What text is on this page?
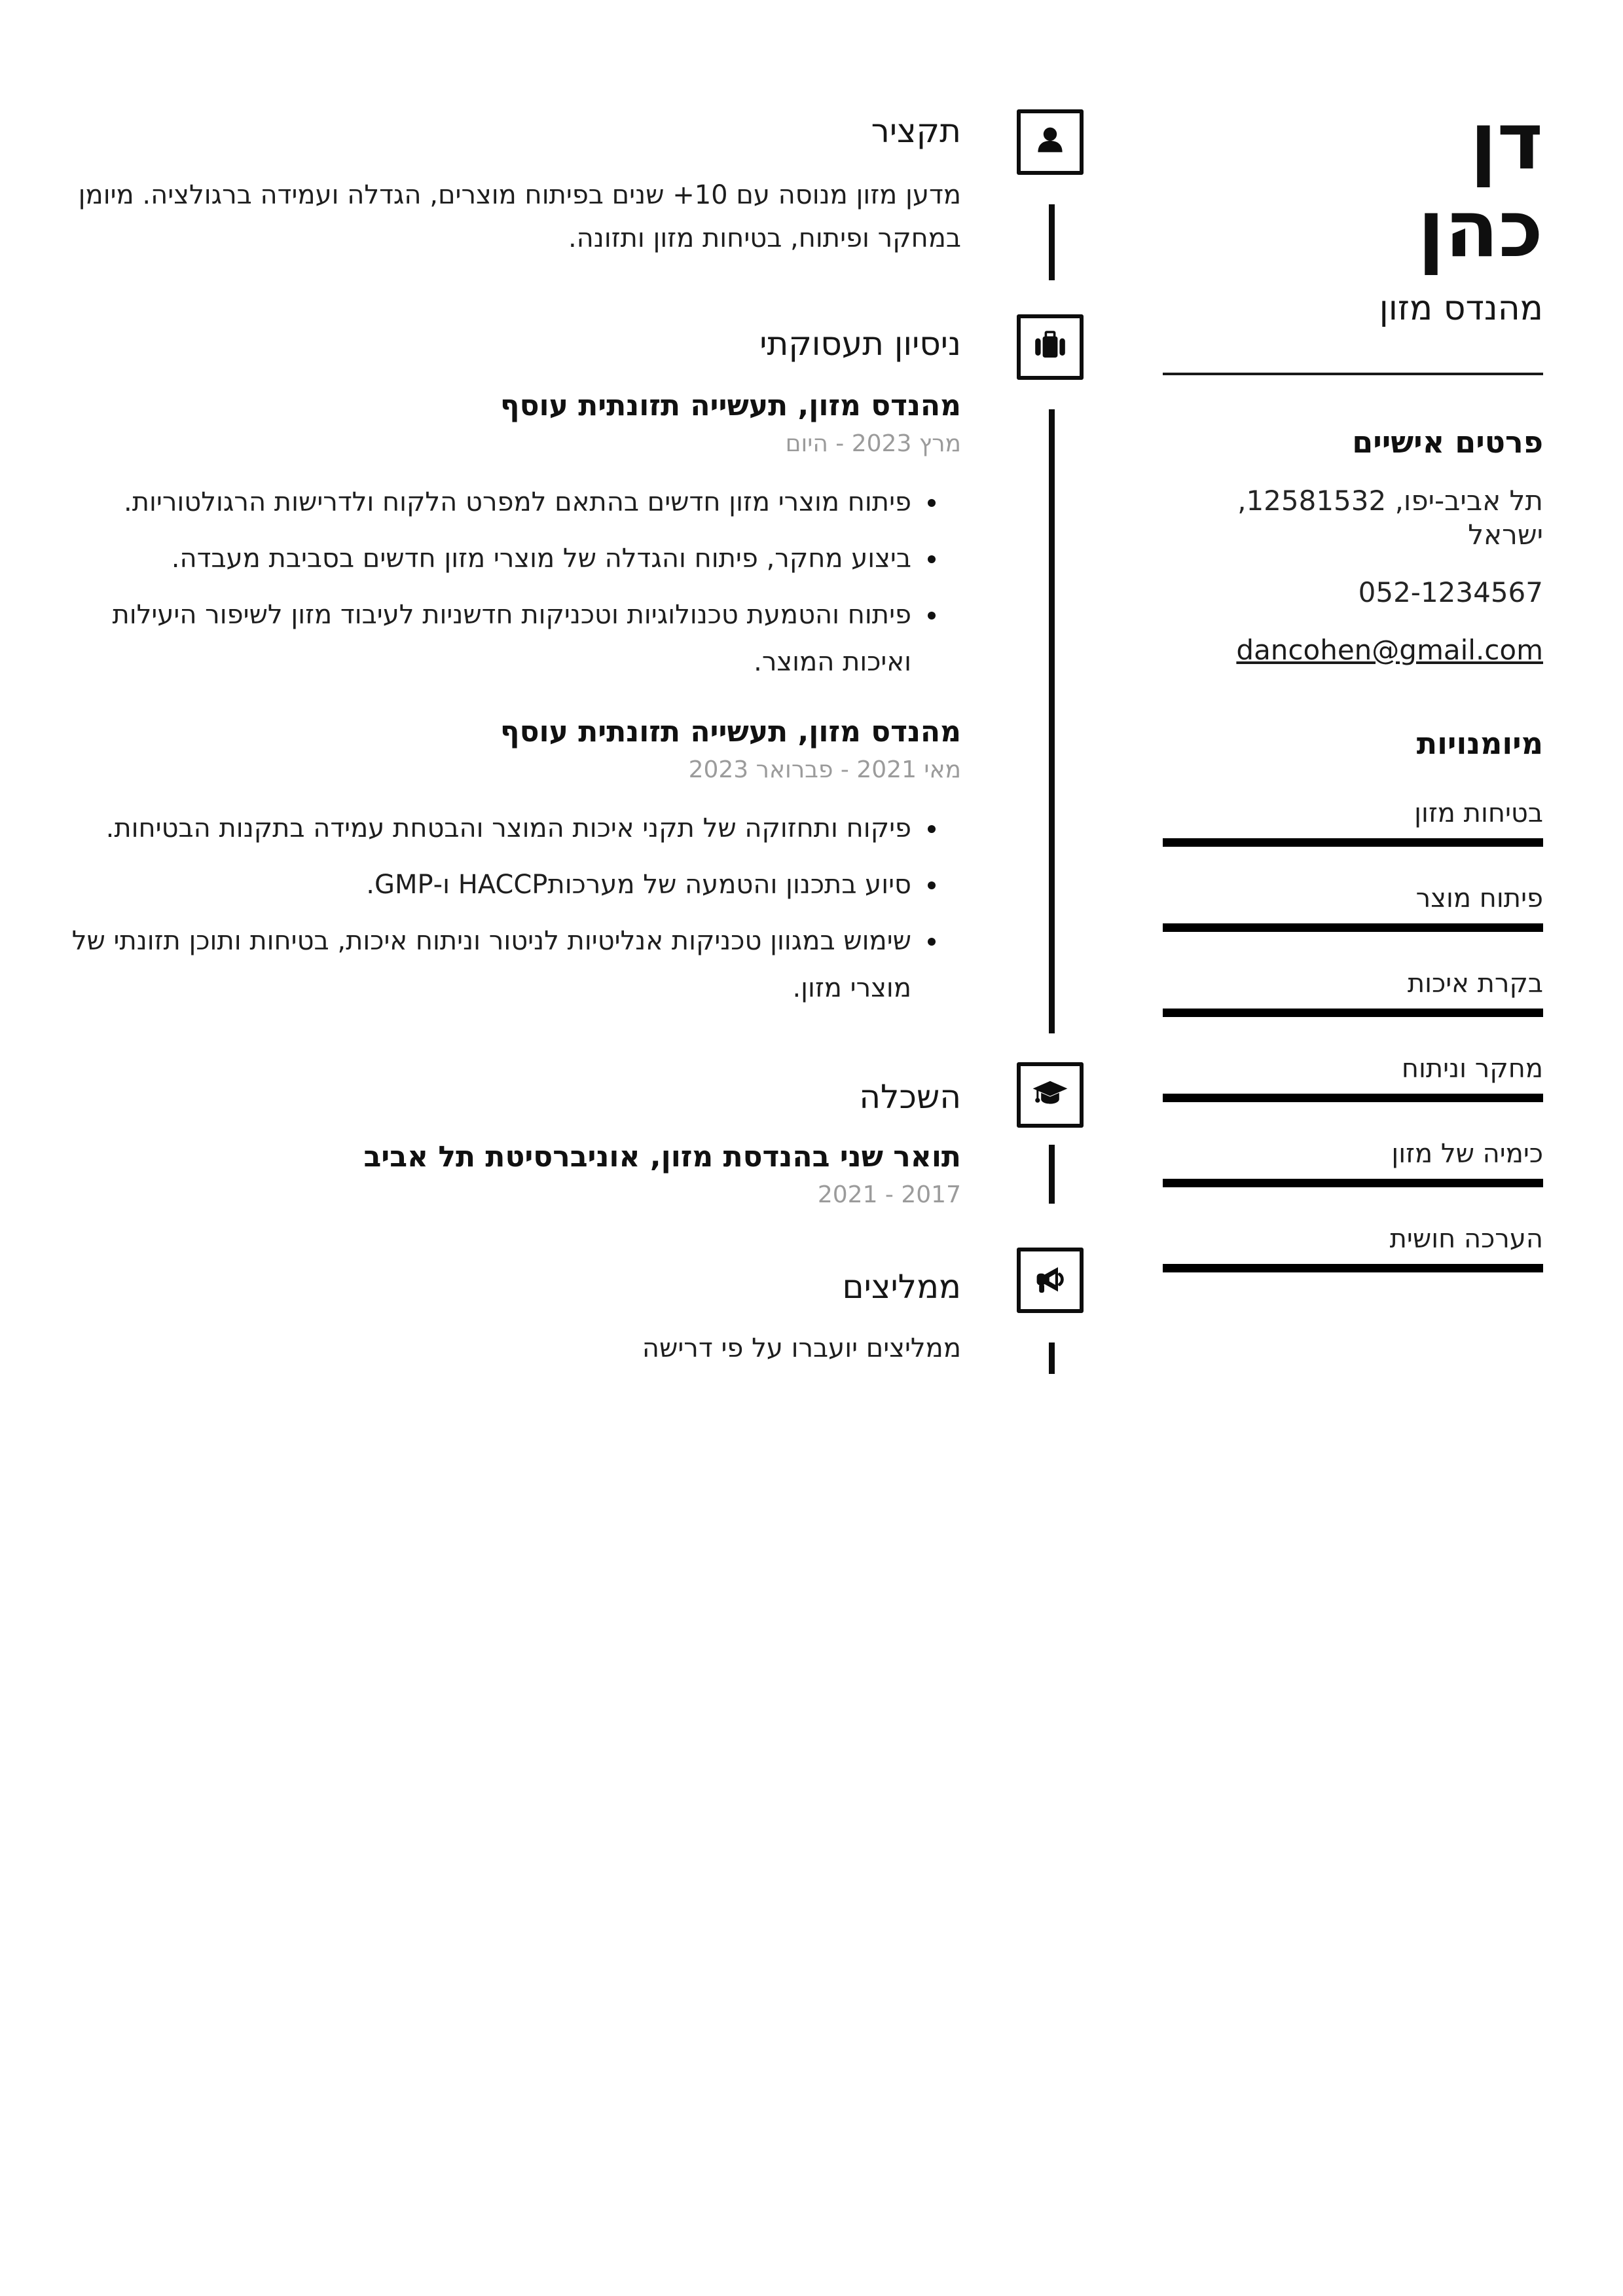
דן
כהן
מהנדס מזון
פרטים אישיים
תל אביב-יפו, 12581532, ישראל
052-1234567
dancohen@gmail.com
מיומנויות
בטיחות מזון
פיתוח מוצר
בקרת איכות
מחקר וניתוח
כימיה של מזון
הערכה חושית
תקציר
מדען מזון מנוסה עם 10+ שנים בפיתוח מוצרים, הגדלה ועמידה ברגולציה. מיומן במחקר ופיתוח, בטיחות מזון ותזונה.
ניסיון תעסוקתי
מהנדס מזון, תעשייה תזונתית עוסף
מרץ 2023 - היום
• פיתוח מוצרי מזון חדשים בהתאם למפרט הלקוח ולדרישות הרגולטוריות.
• ביצוע מחקר, פיתוח והגדלה של מוצרי מזון חדשים בסביבת מעבדה.
• פיתוח והטמעת טכנולוגיות וטכניקות חדשניות לעיבוד מזון לשיפור היעילות ואיכות המוצר.
מהנדס מזון, תעשייה תזונתית עוסף
מאי 2021 - פברואר 2023
• פיקוח ותחזוקה של תקני איכות המוצר והבטחת עמידה בתקנות הבטיחות.
• סיוע בתכנון והטמעה של מערכותHACCP ו-GMP.
• שימוש במגוון טכניקות אנליטיות לניטור וניתוח איכות, בטיחות ותוכן תזונתי של מוצרי מזון.
השכלה
תואר שני בהנדסת מזון, אוניברסיטת תל אביב
2017 - 2021
ממליצים
ממליצים יועברו על פי דרישה
